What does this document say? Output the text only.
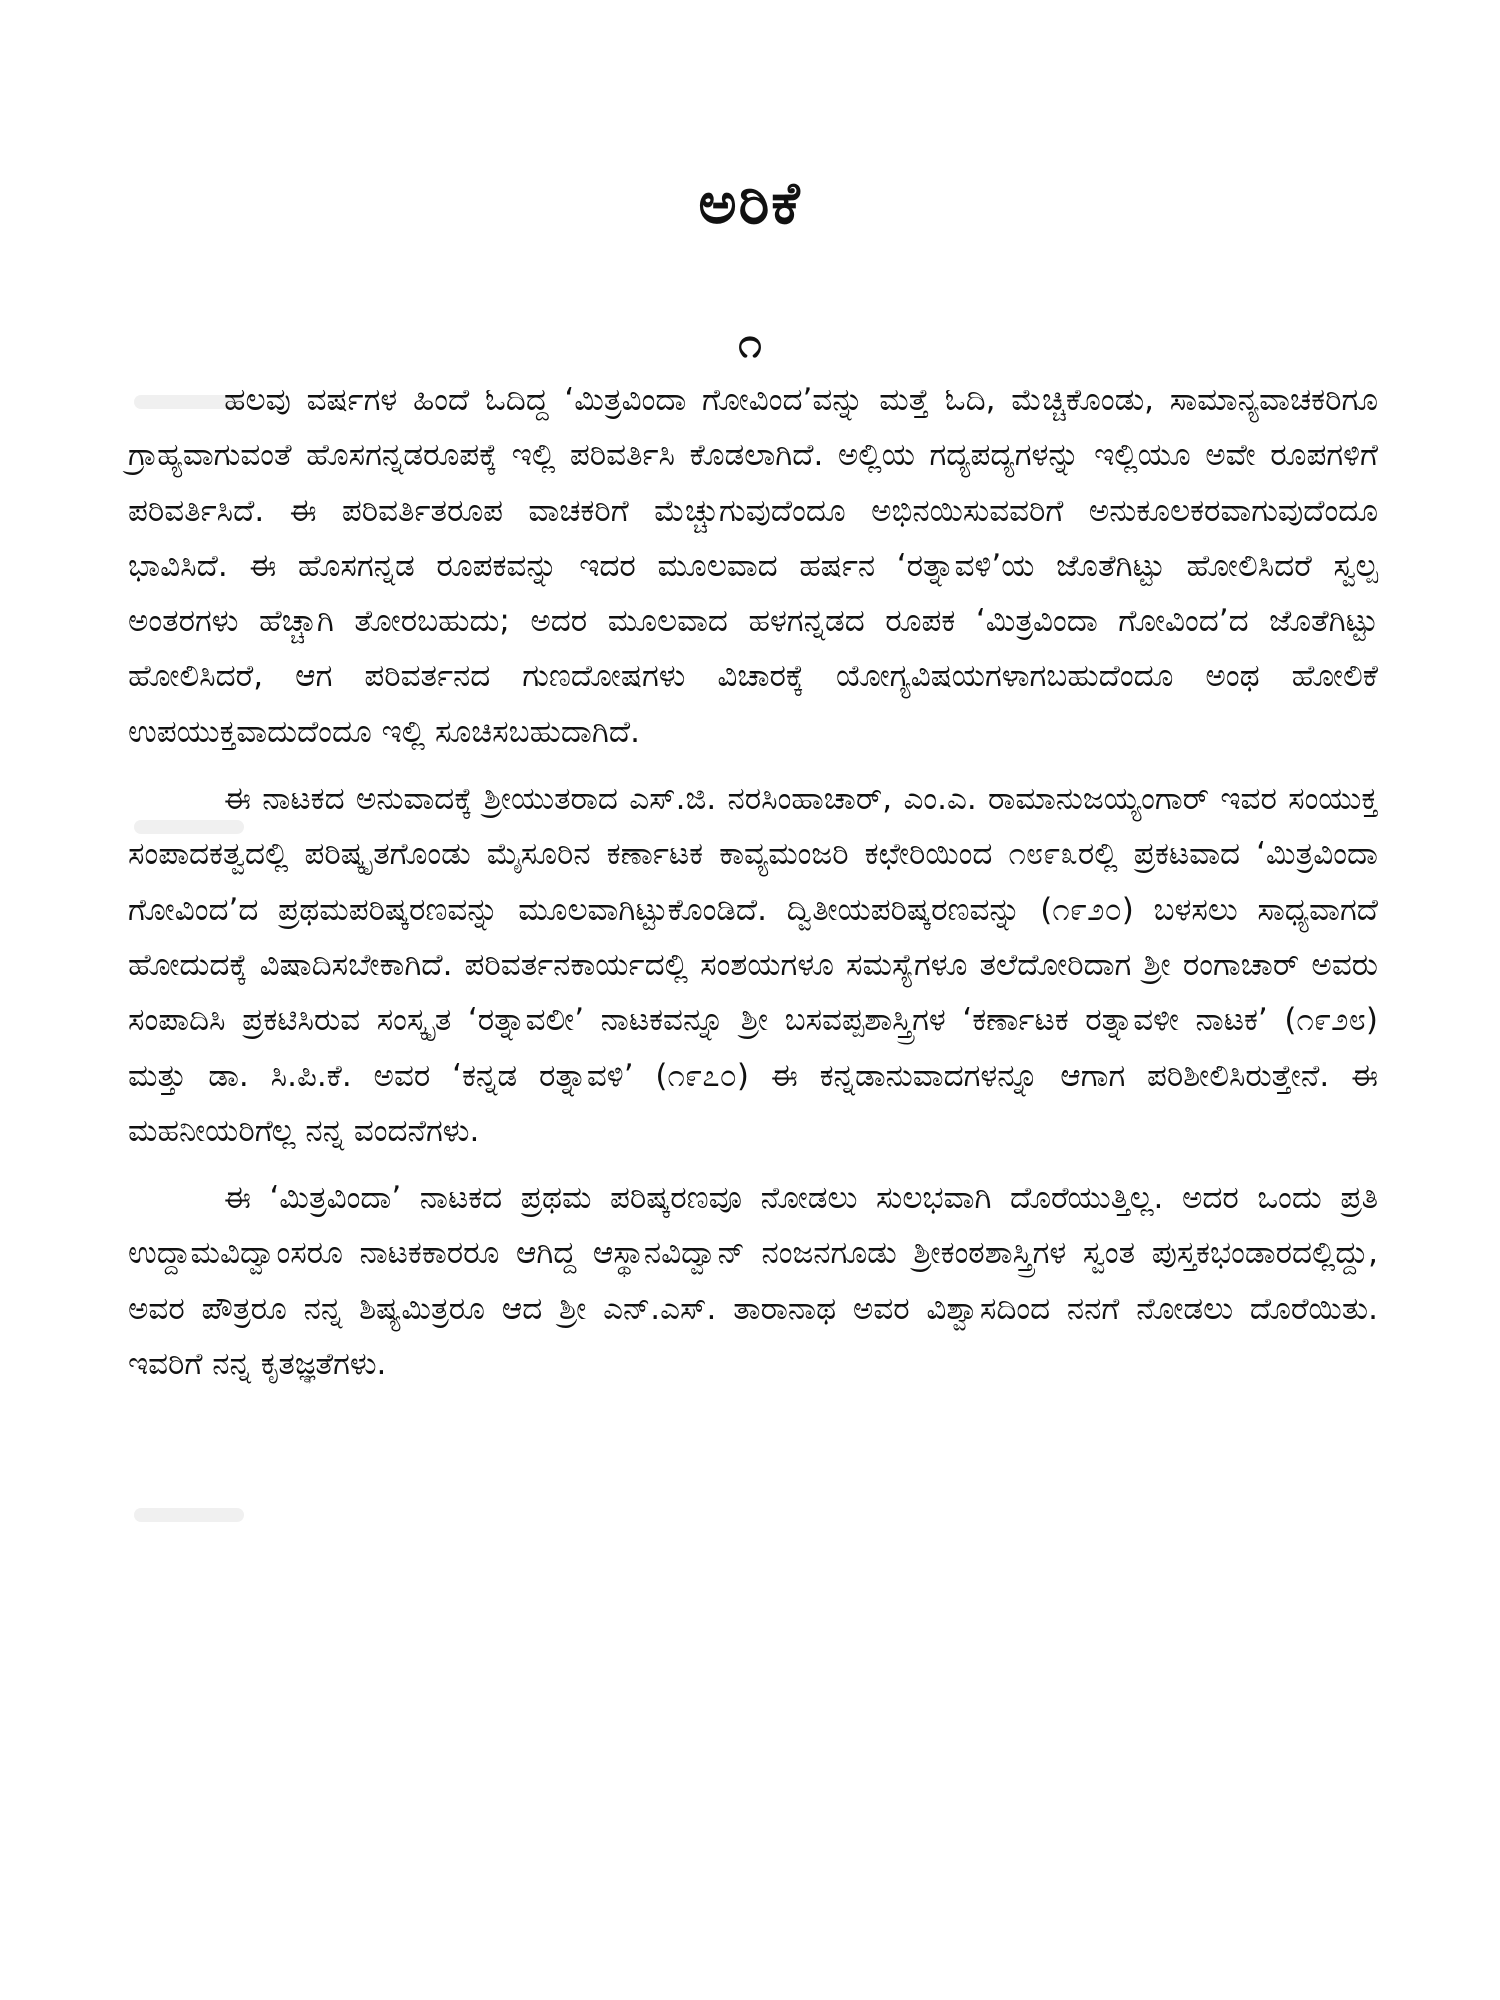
ಅರಿಕೆ
೧

ಹಲವು ವರ್ಷಗಳ ಹಿಂದೆ ಓದಿದ್ದ ‘ಮಿತ್ರವಿಂದಾ ಗೋವಿಂದ’ವನ್ನು ಮತ್ತೆ ಓದಿ, ಮೆಚ್ಚಿಕೊಂಡು, ಸಾಮಾನ್ಯವಾಚಕರಿಗೂ ಗ್ರಾಹ್ಯವಾಗುವಂತೆ ಹೊಸಗನ್ನಡರೂಪಕ್ಕೆ ಇಲ್ಲಿ ಪರಿವರ್ತಿಸಿ ಕೊಡಲಾಗಿದೆ. ಅಲ್ಲಿಯ ಗದ್ಯಪದ್ಯಗಳನ್ನು ಇಲ್ಲಿಯೂ ಅವೇ ರೂಪಗಳಿಗೆ ಪರಿವರ್ತಿಸಿದೆ. ಈ ಪರಿವರ್ತಿತರೂಪ ವಾಚಕರಿಗೆ ಮೆಚ್ಚುಗುವುದೆಂದೂ ಅಭಿನಯಿಸುವವರಿಗೆ ಅನುಕೂಲಕರವಾಗುವುದೆಂದೂ ಭಾವಿಸಿದೆ. ಈ ಹೊಸಗನ್ನಡ ರೂಪಕವನ್ನು ಇದರ ಮೂಲವಾದ ಹರ್ಷನ ‘ರತ್ನಾವಳಿ’ಯ ಜೊತೆಗಿಟ್ಟು ಹೋಲಿಸಿದರೆ ಸ್ವಲ್ಪ ಅಂತರಗಳು ಹೆಚ್ಚಾಗಿ ತೋರಬಹುದು; ಅದರ ಮೂಲವಾದ ಹಳಗನ್ನಡದ ರೂಪಕ ‘ಮಿತ್ರವಿಂದಾ ಗೋವಿಂದ’ದ ಜೊತೆಗಿಟ್ಟು ಹೋಲಿಸಿದರೆ, ಆಗ ಪರಿವರ್ತನದ ಗುಣದೋಷಗಳು ವಿಚಾರಕ್ಕೆ ಯೋಗ್ಯವಿಷಯಗಳಾಗಬಹುದೆಂದೂ ಅಂಥ ಹೋಲಿಕೆ ಉಪಯುಕ್ತವಾದುದೆಂದೂ ಇಲ್ಲಿ ಸೂಚಿಸಬಹುದಾಗಿದೆ.

ಈ ನಾಟಕದ ಅನುವಾದಕ್ಕೆ ಶ್ರೀಯುತರಾದ ಎಸ್.ಜಿ. ನರಸಿಂಹಾಚಾರ್, ಎಂ.ಎ. ರಾಮಾನುಜಯ್ಯಂಗಾರ್ ಇವರ ಸಂಯುಕ್ತ ಸಂಪಾದಕತ್ವದಲ್ಲಿ ಪರಿಷ್ಕೃತಗೊಂಡು ಮೈಸೂರಿನ ಕರ್ಣಾಟಕ ಕಾವ್ಯಮಂಜರಿ ಕಛೇರಿಯಿಂದ ೧೮೯೩ರಲ್ಲಿ ಪ್ರಕಟವಾದ ‘ಮಿತ್ರವಿಂದಾ ಗೋವಿಂದ’ದ ಪ್ರಥಮಪರಿಷ್ಕರಣವನ್ನು ಮೂಲವಾಗಿಟ್ಟುಕೊಂಡಿದೆ. ದ್ವಿತೀಯಪರಿಷ್ಕರಣವನ್ನು (೧೯೨೦) ಬಳಸಲು ಸಾಧ್ಯವಾಗದೆ ಹೋದುದಕ್ಕೆ ವಿಷಾದಿಸಬೇಕಾಗಿದೆ. ಪರಿವರ್ತನಕಾರ್ಯದಲ್ಲಿ ಸಂಶಯಗಳೂ ಸಮಸ್ಯೆಗಳೂ ತಲೆದೋರಿದಾಗ ಶ್ರೀ ರಂಗಾಚಾರ್ ಅವರು ಸಂಪಾದಿಸಿ ಪ್ರಕಟಿಸಿರುವ ಸಂಸ್ಕೃತ ‘ರತ್ನಾವಲೀ’ ನಾಟಕವನ್ನೂ ಶ್ರೀ ಬಸವಪ್ಪಶಾಸ್ತ್ರಿಗಳ ‘ಕರ್ಣಾಟಕ ರತ್ನಾವಳೀ ನಾಟಕ’ (೧೯೨೮) ಮತ್ತು ಡಾ. ಸಿ.ಪಿ.ಕೆ. ಅವರ ‘ಕನ್ನಡ ರತ್ನಾವಳಿ’ (೧೯೭೦) ಈ ಕನ್ನಡಾನುವಾದಗಳನ್ನೂ ಆಗಾಗ ಪರಿಶೀಲಿಸಿರುತ್ತೇನೆ. ಈ ಮಹನೀಯರಿಗೆಲ್ಲ ನನ್ನ ವಂದನೆಗಳು.

ಈ ‘ಮಿತ್ರವಿಂದಾ’ ನಾಟಕದ ಪ್ರಥಮ ಪರಿಷ್ಕರಣವೂ ನೋಡಲು ಸುಲಭವಾಗಿ ದೊರೆಯುತ್ತಿಲ್ಲ. ಅದರ ಒಂದು ಪ್ರತಿ ಉದ್ದಾಮವಿದ್ವಾಂಸರೂ ನಾಟಕಕಾರರೂ ಆಗಿದ್ದ ಆಸ್ಥಾನವಿದ್ವಾನ್ ನಂಜನಗೂಡು ಶ್ರೀಕಂಠಶಾಸ್ತ್ರಿಗಳ ಸ್ವಂತ ಪುಸ್ತಕಭಂಡಾರದಲ್ಲಿದ್ದು, ಅವರ ಪೌತ್ರರೂ ನನ್ನ ಶಿಷ್ಯಮಿತ್ರರೂ ಆದ ಶ್ರೀ ಎನ್.ಎಸ್. ತಾರಾನಾಥ ಅವರ ವಿಶ್ವಾಸದಿಂದ ನನಗೆ ನೋಡಲು ದೊರೆಯಿತು. ಇವರಿಗೆ ನನ್ನ ಕೃತಜ್ಞತೆಗಳು.
